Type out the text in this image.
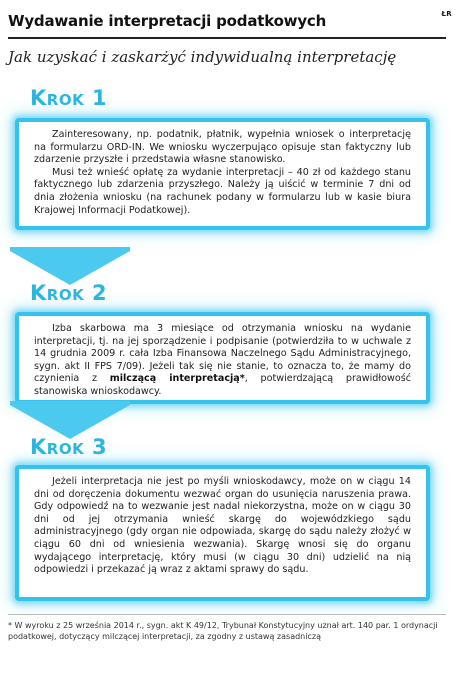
ŁR
Wydawanie interpretacji podatkowych
Jak uzyskać i zaskarżyć indywidualną interpretację
Krok 1

Zainteresowany, np. podatnik, płatnik, wypełnia wniosek o interpretację na formularzu ORD-IN. We wniosku wyczerpująco opisuje stan faktyczny lub zdarzenie przyszłe i przedstawia własne stanowisko.

Musi też wnieść opłatę za wydanie interpretacji – 40 zł od każdego stanu faktycznego lub zdarzenia przyszłego. Należy ją uiścić w terminie 7 dni od dnia złożenia wniosku (na rachunek podany w formularzu lub w kasie biura Krajowej Informacji Podatkowej).

Krok 2

Izba skarbowa ma 3 miesiące od otrzymania wniosku na wydanie interpretacji, tj. na jej sporządzenie i podpisanie (potwierdziła to w uchwale z 14 grudnia 2009 r. cała Izba Finansowa Naczelnego Sądu Administracyjnego, sygn. akt II FPS 7/09). Jeżeli tak się nie stanie, to oznacza to, że mamy do czynienia z milczącą interpretacją*, potwierdzającą prawidłowość stanowiska wnioskodawcy.

Krok 3

Jeżeli interpretacja nie jest po myśli wnioskodawcy, może on w ciągu 14 dni od doręczenia dokumentu wezwać organ do usunięcia naruszenia prawa. Gdy odpowiedź na to wezwanie jest nadal niekorzystna, może on w ciągu 30 dni od jej otrzymania wnieść skargę do wojewódzkiego sądu administracyjnego (gdy organ nie odpowiada, skargę do sądu należy złożyć w ciągu 60 dni od wniesienia wezwania). Skargę wnosi się do organu wydającego interpretację, który musi (w ciągu 30 dni) udzielić na nią odpowiedzi i przekazać ją wraz z aktami sprawy do sądu.

* W wyroku z 25 września 2014 r., sygn. akt K 49/12, Trybunał Konstytucyjny uznał art. 140 par. 1 ordynacji podatkowej, dotyczący milczącej interpretacji, za zgodny z ustawą zasadniczą
